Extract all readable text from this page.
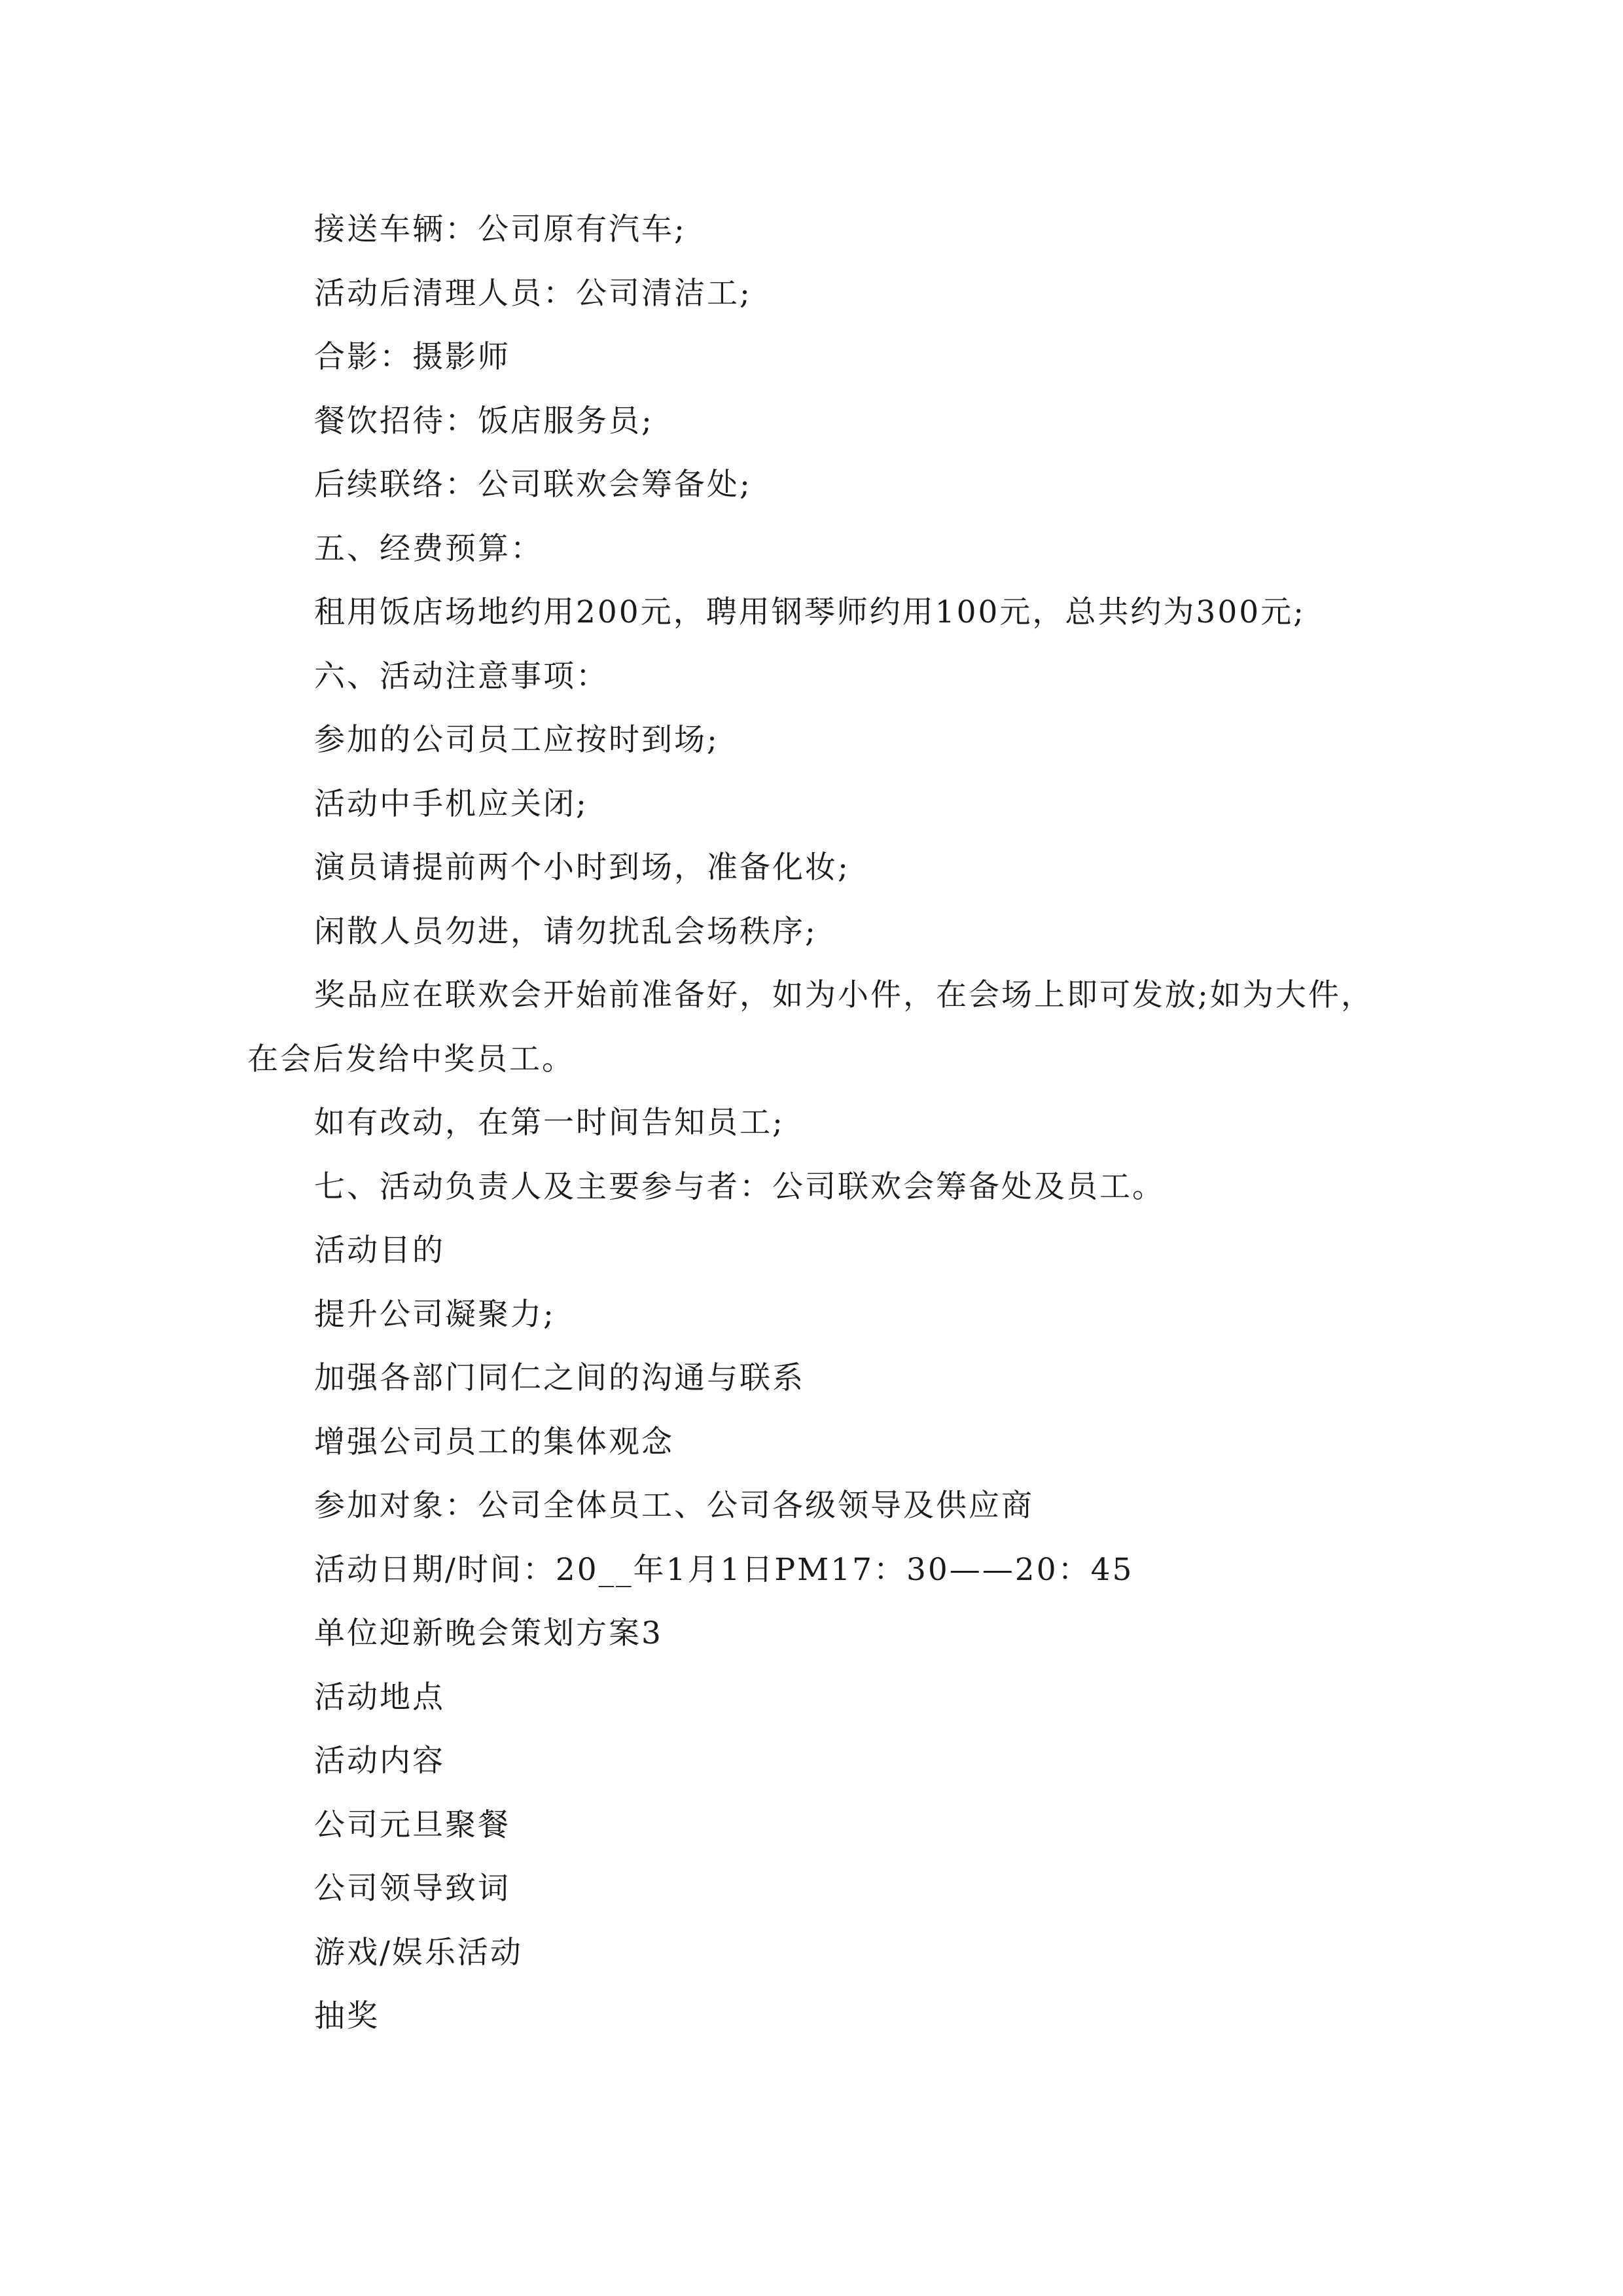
接送车辆：公司原有汽车;
活动后清理人员：公司清洁工;
合影：摄影师
餐饮招待：饭店服务员;
后续联络：公司联欢会筹备处;
五、经费预算：
租用饭店场地约用200元，聘用钢琴师约用100元，总共约为300元;
六、活动注意事项：
参加的公司员工应按时到场;
活动中手机应关闭;
演员请提前两个小时到场，准备化妆;
闲散人员勿进，请勿扰乱会场秩序;
奖品应在联欢会开始前准备好，如为小件，在会场上即可发放;如为大件，
在会后发给中奖员工。
如有改动，在第一时间告知员工;
七、活动负责人及主要参与者：公司联欢会筹备处及员工。
活动目的
提升公司凝聚力;
加强各部门同仁之间的沟通与联系
增强公司员工的集体观念
参加对象：公司全体员工、公司各级领导及供应商
活动日期/时间：20__年1月1日PM17：30——20：45
单位迎新晚会策划方案3
活动地点
活动内容
公司元旦聚餐
公司领导致词
游戏/娱乐活动
抽奖
